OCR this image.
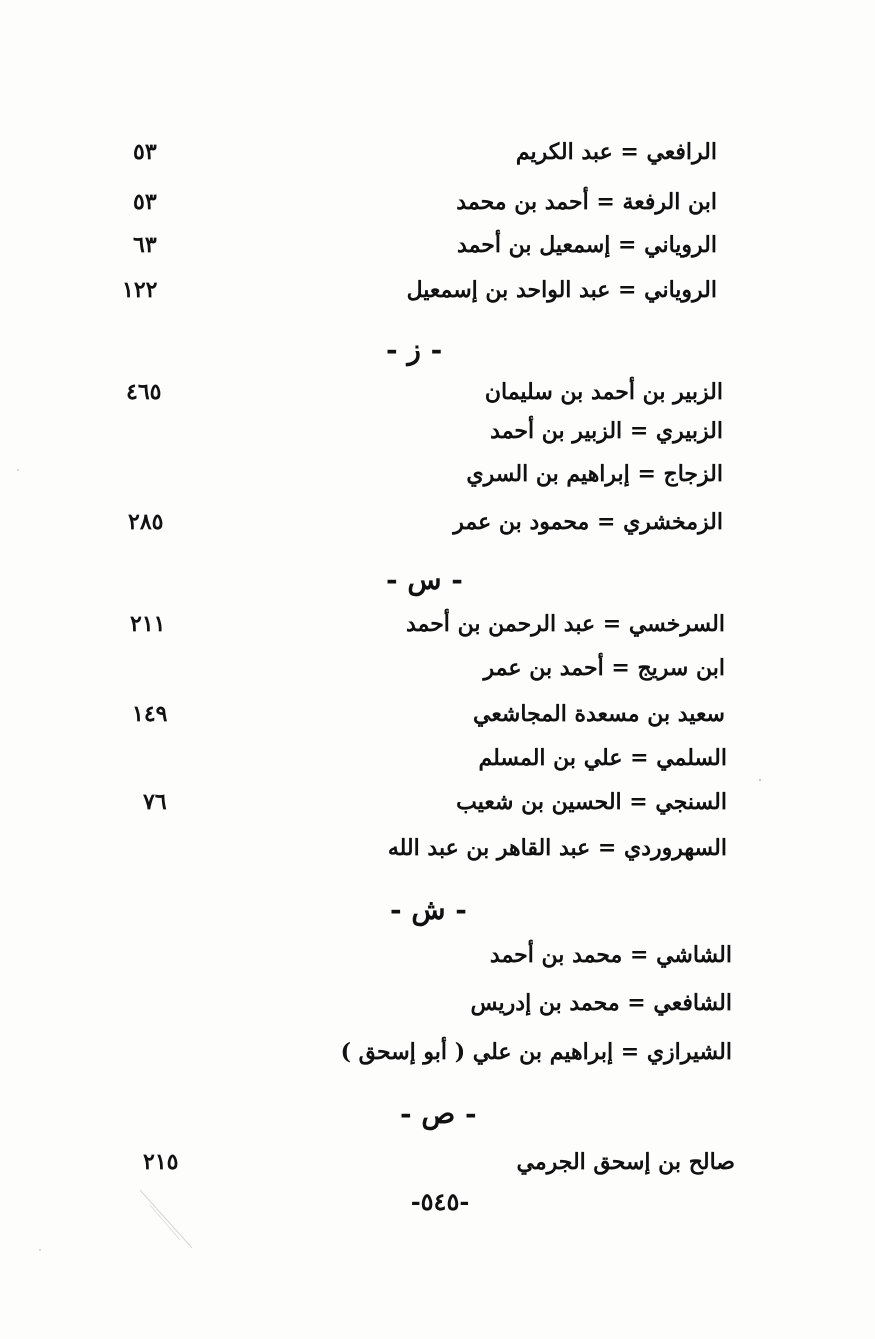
الرافعي = عبد الكريم
٥٣
ابن الرفعة = أحمد بن محمد
٥٣
الروياني = إسمعيل بن أحمد
٦٣
الروياني = عبد الواحد بن إسمعيل
١٢٢
- ز -
الزبير بن أحمد بن سليمان
٤٦٥
الزبيري = الزبير بن أحمد
الزجاج = إبراهيم بن السري
الزمخشري = محمود بن عمر
٢٨٥
- س -
السرخسي = عبد الرحمن بن أحمد
٢١١
ابن سريج = أحمد بن عمر
سعيد بن مسعدة المجاشعي
١٤٩
السلمي = علي بن المسلم
السنجي = الحسين بن شعيب
٧٦
السهروردي = عبد القاهر بن عبد الله
- ش -
الشاشي = محمد بن أحمد
الشافعي = محمد بن إدريس
الشيرازي = إبراهيم بن علي ( أبو إسحق )
- ص -
صالح بن إسحق الجرمي
٢١٥
-٥٤٥-
